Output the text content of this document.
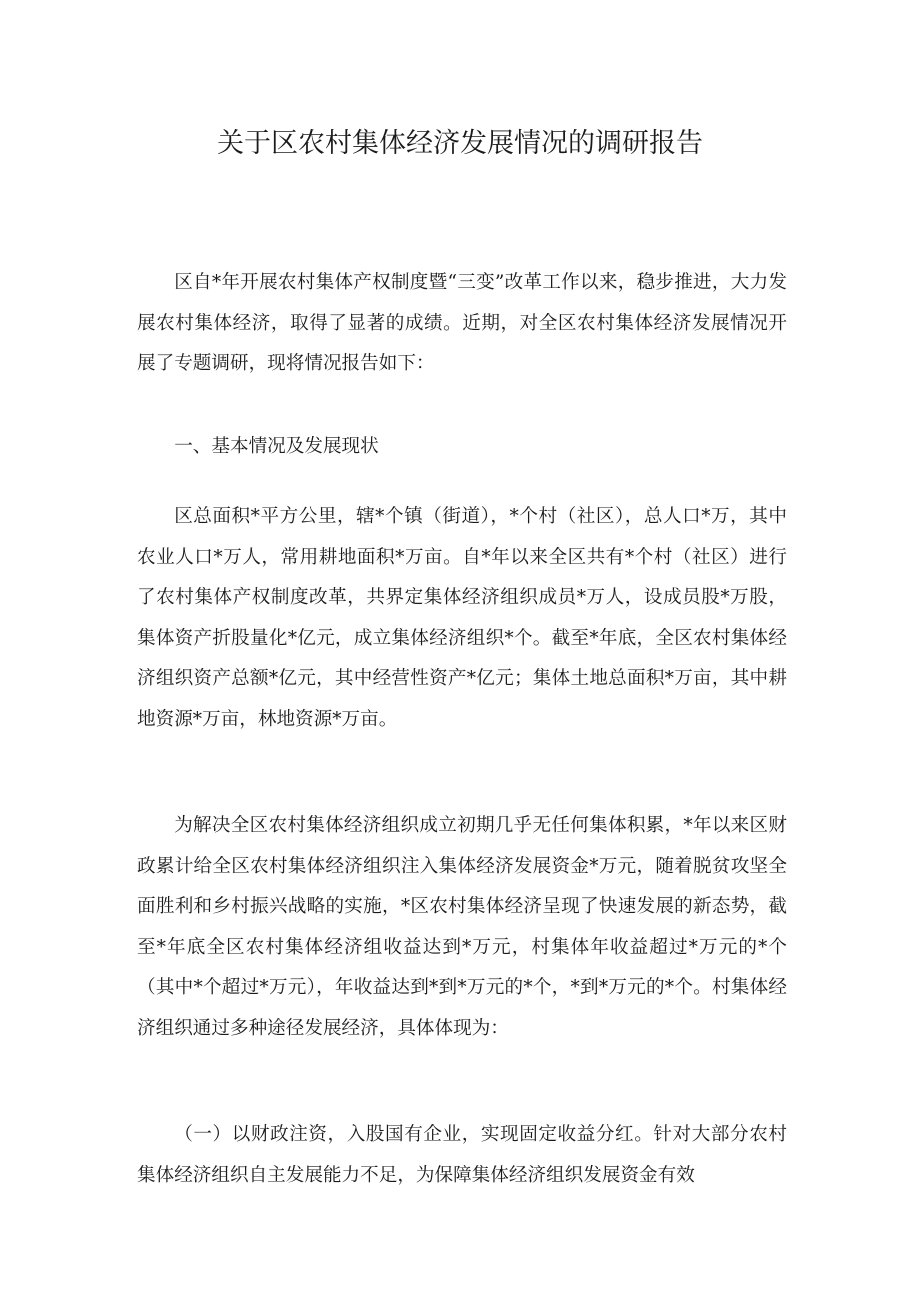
关于区农村集体经济发展情况的调研报告

区自*年开展农村集体产权制度暨“三变”改革工作以来，稳步推进，大力发展农村集体经济，取得了显著的成绩。近期，对全区农村集体经济发展情况开展了专题调研，现将情况报告如下：

一、基本情况及发展现状

区总面积*平方公里，辖*个镇（街道），*个村（社区），总人口*万，其中农业人口*万人，常用耕地面积*万亩。自*年以来全区共有*个村（社区）进行了农村集体产权制度改革，共界定集体经济组织成员*万人，设成员股*万股，集体资产折股量化*亿元，成立集体经济组织*个。截至*年底，全区农村集体经济组织资产总额*亿元，其中经营性资产*亿元；集体土地总面积*万亩，其中耕地资源*万亩，林地资源*万亩。

为解决全区农村集体经济组织成立初期几乎无任何集体积累，*年以来区财政累计给全区农村集体经济组织注入集体经济发展资金*万元，随着脱贫攻坚全面胜利和乡村振兴战略的实施，*区农村集体经济呈现了快速发展的新态势，截至*年底全区农村集体经济组收益达到*万元，村集体年收益超过*万元的*个（其中*个超过*万元），年收益达到*到*万元的*个，*到*万元的*个。村集体经济组织通过多种途径发展经济，具体体现为：

（一）以财政注资，入股国有企业，实现固定收益分红。针对大部分农村集体经济组织自主发展能力不足，为保障集体经济组织发展资金有效
